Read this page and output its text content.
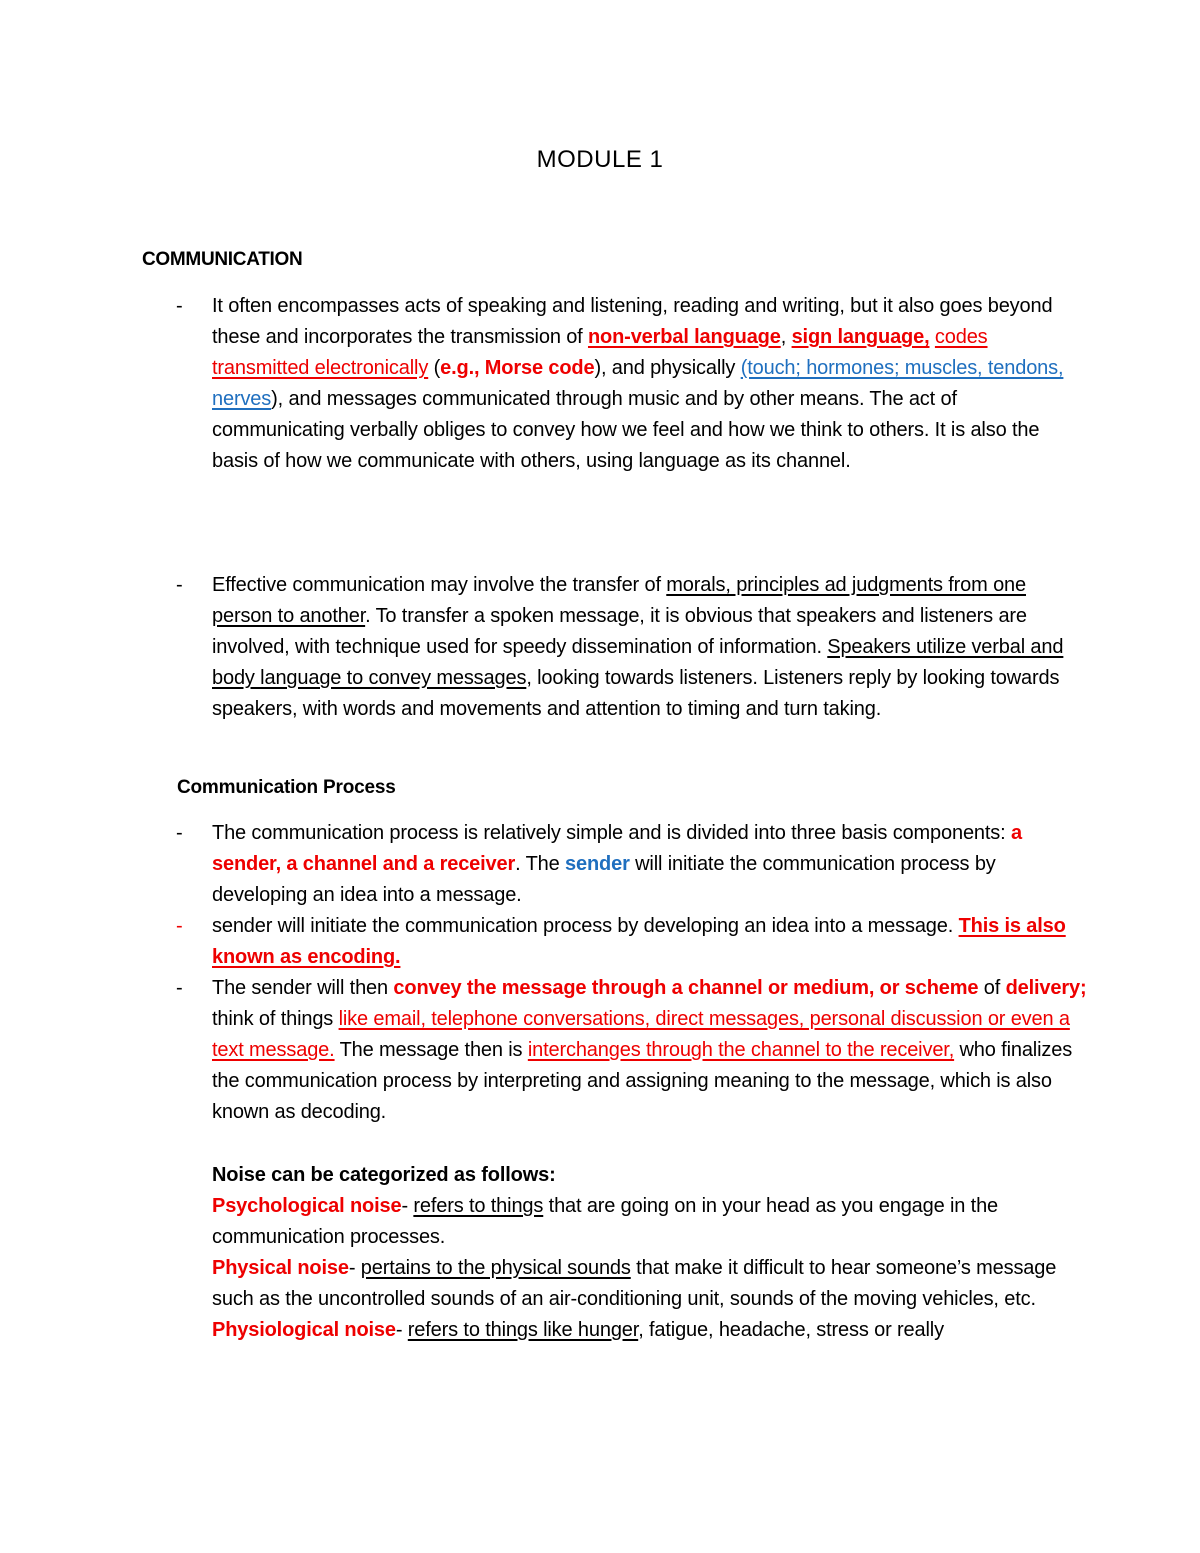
MODULE 1
COMMUNICATION
- It often encompasses acts of speaking and listening, reading and writing, but it also goes beyond these and incorporates the transmission of non-verbal language, sign language, codes transmitted electronically (e.g., Morse code), and physically (touch; hormones; muscles, tendons, nerves), and messages communicated through music and by other means. The act of communicating verbally obliges to convey how we feel and how we think to others. It is also the basis of how we communicate with others, using language as its channel.

- Effective communication may involve the transfer of morals, principles ad judgments from one person to another. To transfer a spoken message, it is obvious that speakers and listeners are involved, with technique used for speedy dissemination of information. Speakers utilize verbal and body language to convey messages, looking towards listeners. Listeners reply by looking towards speakers, with words and movements and attention to timing and turn taking.

Communication Process
- The communication process is relatively simple and is divided into three basis components: a sender, a channel and a receiver. The sender will initiate the communication process by developing an idea into a message.

- sender will initiate the communication process by developing an idea into a message. This is also known as encoding.

- The sender will then convey the message through a channel or medium, or scheme of delivery; think of things like email, telephone conversations, direct messages, personal discussion or even a text message. The message then is interchanges through the channel to the receiver, who finalizes the communication process by interpreting and assigning meaning to the message, which is also known as decoding.

Noise can be categorized as follows:

Psychological noise- refers to things that are going on in your head as you engage in the communication processes.

Physical noise- pertains to the physical sounds that make it difficult to hear someone’s message such as the uncontrolled sounds of an air-conditioning unit, sounds of the moving vehicles, etc.

Physiological noise- refers to things like hunger, fatigue, headache, stress or really
